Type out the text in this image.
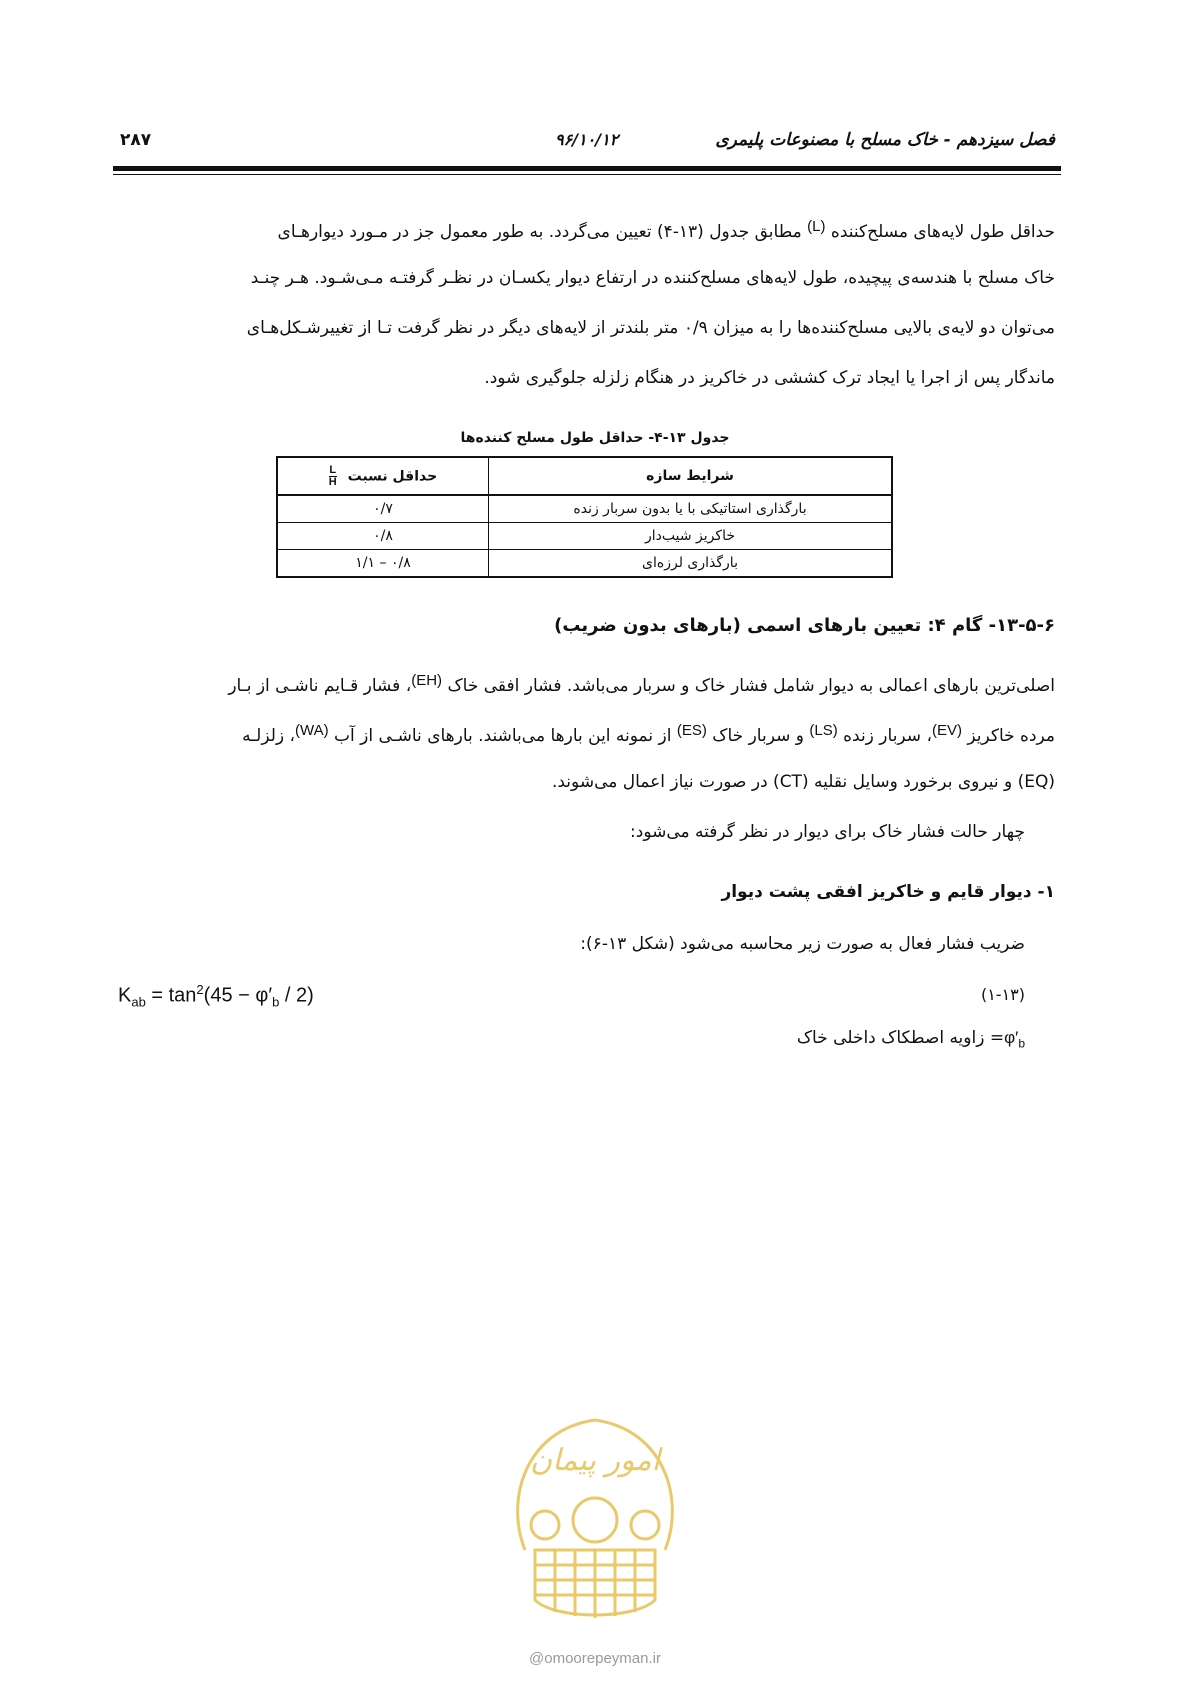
فصل سیزدهم - خاک مسلح با مصنوعات پلیمری
۹۶/۱۰/۱۲
۲۸۷
حداقل طول لایه‌های مسلح‌کننده $^{(L)}$ مطابق جدول (۱۳-۴) تعیین می‌گردد. به طور معمول جز در مـورد دیوارهـای
خاک مسلح با هندسه‌ی پیچیده، طول لایه‌های مسلح‌کننده در ارتفاع دیوار یکسـان در نظـر گرفتـه مـی‌شـود. هـر چنـد
می‌توان دو لایه‌ی بالایی مسلح‌کننده‌ها را به میزان ۰/۹ متر بلندتر از لایه‌های دیگر در نظر گرفت تـا از تغییرشـکل‌هـای
ماندگار پس از اجرا یا ایجاد ترک کششی در خاکریز در هنگام زلزله جلوگیری شود.
جدول ۱۳-۴- حداقل طول مسلح کننده‌ها
شرایط سازه	حداقل نسبت
$\frac{L}{H}$

بارگذاری استاتیکی با یا بدون سربار زنده	۰/۷
خاکریز شیب‌دار	۰/۸
بارگذاری لرزه‌ای	۰/۸ – ۱/۱
۱۳-۵-۶- گام ۴: تعیین بارهای اسمی (بارهای بدون ضریب)
اصلی‌ترین بارهای اعمالی به دیوار شامل فشار خاک و سربار می‌باشد. فشار افقی خاک $^{(EH)}$، فشار قـایم ناشـی از بـار
مرده خاکریز $^{(EV)}$، سربار زنده $^{(LS)}$ و سربار خاک $^{(ES)}$ از نمونه این بارها می‌باشند. بارهای ناشـی از آب $^{(WA)}$، زلزلـه
(EQ) و نیروی برخورد وسایل نقلیه (CT) در صورت نیاز اعمال می‌شوند.
چهار حالت فشار خاک برای دیوار در نظر گرفته می‌شود:
۱- دیوار قایم و خاکریز افقی پشت دیوار
ضریب فشار فعال به صورت زیر محاسبه می‌شود (شکل ۱۳-۶):
$K_{ab} = \tan^2(45 - \varphi'_b / 2)$	(۱-۱۳)
$\varphi'_b=$ زاویه اصطکاک داخلی خاک
امور پیمان
@omoorepeyman.ir
